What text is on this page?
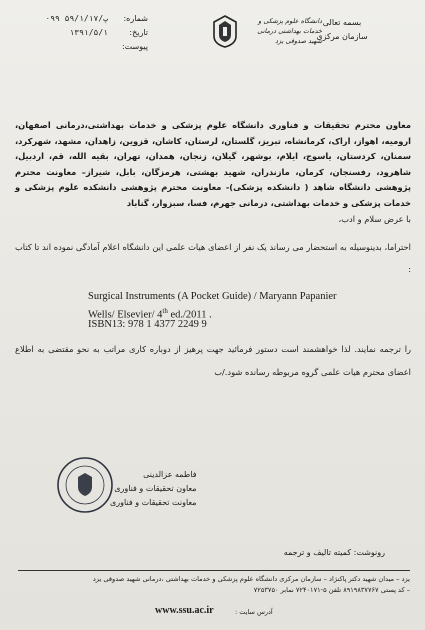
شماره:
۰۹۹ ۵۹/۱/۱۷/پ
تاریخ:
۱۳۹۱/۵/۱
پیوست:
دانشگاه علوم پزشکی و خدمات بهداشتی درمانی
شهید صدوقی یزد
بسمه تعالی
سازمان مرکزی
معاون محترم تحقیقات و فناوری دانشگاه علوم پزشکی و خدمات بهداشتی،درمانی اصفهان، ارومیه، اهواز، اراک، کرمانشاه، تبریز، گلستان، لرستان، کاشان، قزوین، زاهدان، مشهد، شهرکرد، سمنان، کردستان، یاسوج، ایلام، بوشهر، گیلان، زنجان، همدان، تهران، بقیه الله، قم، اردبیل، شاهرود، رفسنجان، کرمان، مازندران، شهید بهشتی، هرمزگان، بابل، شیراز– معاونت محترم پژوهشی دانشگاه شاهد ( دانشکده پزشکی)- معاونت محترم پژوهشی دانشکده علوم پزشکی و خدمات پزشکی و خدمات بهداشتی، درمانی جهرم، فسا، سبزوار، گناباد
با عرض سلام و ادب،
احتراما، بدینوسیله به استحضار می رساند یک نفر از اعضای هیات علمی این دانشگاه اعلام آمادگی نموده اند تا کتاب :
Surgical Instruments (A Pocket Guide) / Maryann Papanier
Wells/ Elsevier/ 4th ed./2011 .
ISBN13: 978 1 4377 2249 9
را ترجمه نمایند. لذا خواهشمند است دستور فرمائید جهت پرهیز از دوباره کاری مراتب به نحو مقتضی به اطلاع اعضای محترم هیات علمی گروه مربوطه رسانده شود./ب
فاطمه عزالدینی
معاون تحقیقات و فناوری
معاونت تحقیقات و فناوری
رونوشت: کمیته تالیف و ترجمه
یزد – میدان شهید دکتر پاکنژاد – سازمان مرکزی دانشگاه علوم پزشکی و خدمات بهداشتی ،درمانی شهید صدوقی یزد
– کد پستی ۸۹۱۹۸۳۷۷۶۷ تلفن ۵-۷۲۴۰۱۷۱ نمابر ۷۲۵۳۷۵۰
www.ssu.ac.ir	آدرس سایت :
